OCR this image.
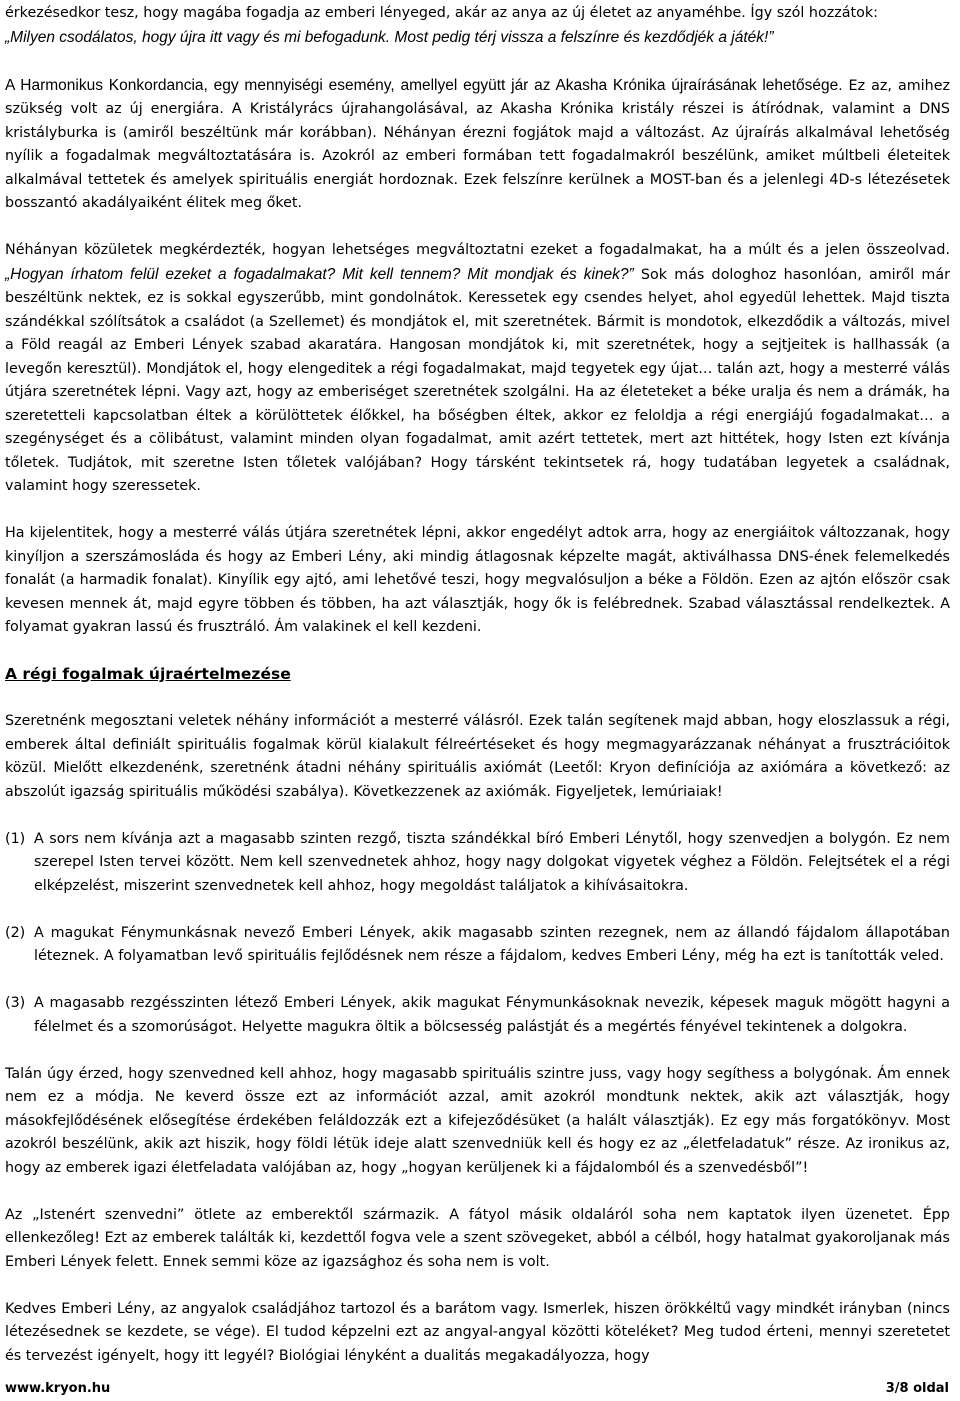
érkezésedkor tesz, hogy magába fogadja az emberi lényeged, akár az anya az új életet az anyaméhbe. Így szól hozzátok:
„Milyen csodálatos, hogy újra itt vagy és mi befogadunk. Most pedig térj vissza a felszínre és kezdődjék a játék!”

A Harmonikus Konkordancia, egy mennyiségi esemény, amellyel együtt jár az Akasha Krónika újraírásának lehetősége. Ez az, amihez szükség volt az új energiára. A Kristályrács újrahangolásával, az Akasha Krónika kristály részei is átíródnak, valamint a DNS kristályburka is (amiről beszéltünk már korábban). Néhányan érezni fogjátok majd a változást. Az újraírás alkalmával lehetőség nyílik a fogadalmak megváltoztatására is. Azokról az emberi formában tett fogadalmakról beszélünk, amiket múltbeli életeitek alkalmával tettetek és amelyek spirituális energiát hordoznak. Ezek felszínre kerülnek a MOST-ban és a jelenlegi 4D-s létezésetek bosszantó akadályaiként élitek meg őket.

Néhányan közületek megkérdezték, hogyan lehetséges megváltoztatni ezeket a fogadalmakat, ha a múlt és a jelen összeolvad. „Hogyan írhatom felül ezeket a fogadalmakat? Mit kell tennem? Mit mondjak és kinek?” Sok más dologhoz hasonlóan, amiről már beszéltünk nektek, ez is sokkal egyszerűbb, mint gondolnátok. Keressetek egy csendes helyet, ahol egyedül lehettek. Majd tiszta szándékkal szólítsátok a családot (a Szellemet) és mondjátok el, mit szeretnétek. Bármit is mondotok, elkezdődik a változás, mivel a Föld reagál az Emberi Lények szabad akaratára. Hangosan mondjátok ki, mit szeretnétek, hogy a sejtjeitek is hallhassák (a levegőn keresztül). Mondjátok el, hogy elengeditek a régi fogadalmakat, majd tegyetek egy újat… talán azt, hogy a mesterré válás útjára szeretnétek lépni. Vagy azt, hogy az emberiséget szeretnétek szolgálni. Ha az életeteket a béke uralja és nem a drámák, ha szeretetteli kapcsolatban éltek a körülöttetek élőkkel, ha bőségben éltek, akkor ez feloldja a régi energiájú fogadalmakat… a szegénységet és a cölibátust, valamint minden olyan fogadalmat, amit azért tettetek, mert azt hittétek, hogy Isten ezt kívánja tőletek. Tudjátok, mit szeretne Isten tőletek valójában? Hogy társként tekintsetek rá, hogy tudatában legyetek a családnak, valamint hogy szeressetek.

Ha kijelentitek, hogy a mesterré válás útjára szeretnétek lépni, akkor engedélyt adtok arra, hogy az energiáitok változzanak, hogy kinyíljon a szerszámosláda és hogy az Emberi Lény, aki mindig átlagosnak képzelte magát, aktiválhassa DNS-ének felemelkedés fonalát (a harmadik fonalat). Kinyílik egy ajtó, ami lehetővé teszi, hogy megvalósuljon a béke a Földön. Ezen az ajtón először csak kevesen mennek át, majd egyre többen és többen, ha azt választják, hogy ők is felébrednek. Szabad választással rendelkeztek. A folyamat gyakran lassú és frusztráló. Ám valakinek el kell kezdeni.

A régi fogalmak újraértelmezése

Szeretnénk megosztani veletek néhány információt a mesterré válásról. Ezek talán segítenek majd abban, hogy eloszlassuk a régi, emberek által definiált spirituális fogalmak körül kialakult félreértéseket és hogy megmagyarázzanak néhányat a frusztrációitok közül. Mielőtt elkezdenénk, szeretnénk átadni néhány spirituális axiómát (Leetől: Kryon definíciója az axiómára a következő: az abszolút igazság spirituális működési szabálya). Következzenek az axiómák. Figyeljetek, lemúriaiak!

(1) A sors nem kívánja azt a magasabb szinten rezgő, tiszta szándékkal bíró Emberi Lénytől, hogy szenvedjen a bolygón. Ez nem szerepel Isten tervei között. Nem kell szenvednetek ahhoz, hogy nagy dolgokat vigyetek véghez a Földön. Felejtsétek el a régi elképzelést, miszerint szenvednetek kell ahhoz, hogy megoldást találjatok a kihívásaitokra.
(2) A magukat Fénymunkásnak nevező Emberi Lények, akik magasabb szinten rezegnek, nem az állandó fájdalom állapotában léteznek. A folyamatban levő spirituális fejlődésnek nem része a fájdalom, kedves Emberi Lény, még ha ezt is tanították veled.
(3) A magasabb rezgésszinten létező Emberi Lények, akik magukat Fénymunkásoknak nevezik, képesek maguk mögött hagyni a félelmet és a szomorúságot. Helyette magukra öltik a bölcsesség palástját és a megértés fényével tekintenek a dolgokra.

Talán úgy érzed, hogy szenvedned kell ahhoz, hogy magasabb spirituális szintre juss, vagy hogy segíthess a bolygónak. Ám ennek nem ez a módja. Ne keverd össze ezt az információt azzal, amit azokról mondtunk nektek, akik azt választják, hogy másokfejlődésének elősegítése érdekében feláldozzák ezt a kifejeződésüket (a halált választják). Ez egy más forgatókönyv. Most azokról beszélünk, akik azt hiszik, hogy földi létük ideje alatt szenvedniük kell és hogy ez az „életfeladatuk” része. Az ironikus az, hogy az emberek igazi életfeladata valójában az, hogy „hogyan kerüljenek ki a fájdalomból és a szenvedésből”!

Az „Istenért szenvedni” ötlete az emberektől származik. A fátyol másik oldaláról soha nem kaptatok ilyen üzenetet. Épp ellenkezőleg! Ezt az emberek találták ki, kezdettől fogva vele a szent szövegeket, abból a célból, hogy hatalmat gyakoroljanak más Emberi Lények felett. Ennek semmi köze az igazsághoz és soha nem is volt.

Kedves Emberi Lény, az angyalok családjához tartozol és a barátom vagy. Ismerlek, hiszen örökkéltű vagy mindkét irányban (nincs létezésednek se kezdete, se vége). El tudod képzelni ezt az angyal-angyal közötti köteléket? Meg tudod érteni, mennyi szeretetet és tervezést igényelt, hogy itt legyél? Biológiai lényként a dualitás megakadályozza, hogy

www.kryon.hu	3/8 oldal
